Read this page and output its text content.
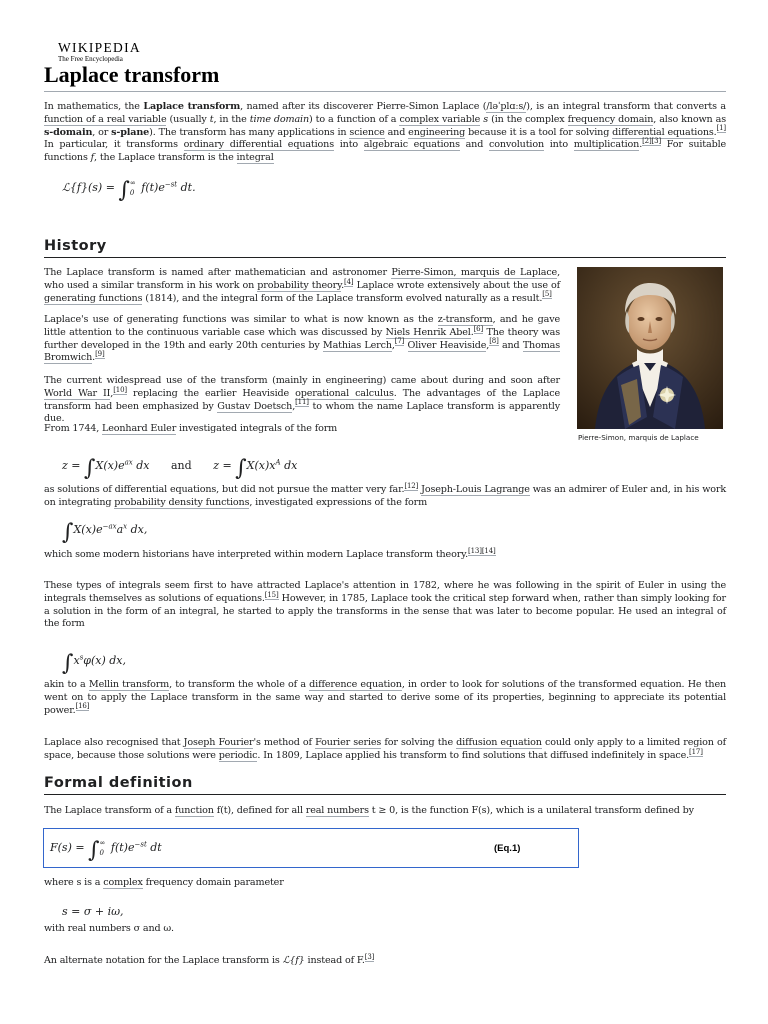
WIKIPEDIA
The Free Encyclopedia
Laplace transform

In mathematics, the Laplace transform, named after its discoverer Pierre-Simon Laplace (/ləˈplɑːs/), is an integral transform that converts a function of a real variable (usually t, in the time domain) to a function of a complex variable s (in the complex frequency domain, also known as s-domain, or s-plane). The transform has many applications in science and engineering because it is a tool for solving differential equations.[1] In particular, it transforms ordinary differential equations into algebraic equations and convolution into multiplication.[2][3] For suitable functions f, the Laplace transform is the integral

ℒ{f}(s) = ∫∞
0 $f(t)e^{-st}$ dt.
History

The Laplace transform is named after mathematician and astronomer Pierre-Simon, marquis de Laplace, who used a similar transform in his work on probability theory.[4] Laplace wrote extensively about the use of generating functions (1814), and the integral form of the Laplace transform evolved naturally as a result.[5]

Laplace's use of generating functions was similar to what is now known as the z-transform, and he gave little attention to the continuous variable case which was discussed by Niels Henrik Abel.[6] The theory was further developed in the 19th and early 20th centuries by Mathias Lerch,[7] Oliver Heaviside,[8] and Thomas Bromwich.[9]

The current widespread use of the transform (mainly in engineering) came about during and soon after World War II,[10] replacing the earlier Heaviside operational calculus. The advantages of the Laplace transform had been emphasized by Gustav Doetsch,[11] to whom the name Laplace transform is apparently due.

From 1744, Leonhard Euler investigated integrals of the form

Pierre-Simon, marquis de Laplace
$z = \int X(x)e^{ax}$ dx and $z = \int X(x)x^A$ dx

as solutions of differential equations, but did not pursue the matter very far.[12] Joseph-Louis Lagrange was an admirer of Euler and, in his work on integrating probability density functions, investigated expressions of the form

$\int X(x)e^{-ax}a^x$ dx,

which some modern historians have interpreted within modern Laplace transform theory.[13][14]

These types of integrals seem first to have attracted Laplace's attention in 1782, where he was following in the spirit of Euler in using the integrals themselves as solutions of equations.[15] However, in 1785, Laplace took the critical step forward when, rather than simply looking for a solution in the form of an integral, he started to apply the transforms in the sense that was later to become popular. He used an integral of the form

$\int x^s\varphi(x)$ dx,

akin to a Mellin transform, to transform the whole of a difference equation, in order to look for solutions of the transformed equation. He then went on to apply the Laplace transform in the same way and started to derive some of its properties, beginning to appreciate its potential power.[16]

Laplace also recognised that Joseph Fourier's method of Fourier series for solving the diffusion equation could only apply to a limited region of space, because those solutions were periodic. In 1809, Laplace applied his transform to find solutions that diffused indefinitely in space.[17]

Formal definition

The Laplace transform of a function f(t), defined for all real numbers t ≥ 0, is the function F(s), which is a unilateral transform defined by

F(s) = ∫∞
0 $f(t)e^{-st}$ dt	(Eq.1)

where s is a complex frequency domain parameter

s = σ + iω,

with real numbers σ and ω.

An alternate notation for the Laplace transform is ℒ{f} instead of F.[3]
